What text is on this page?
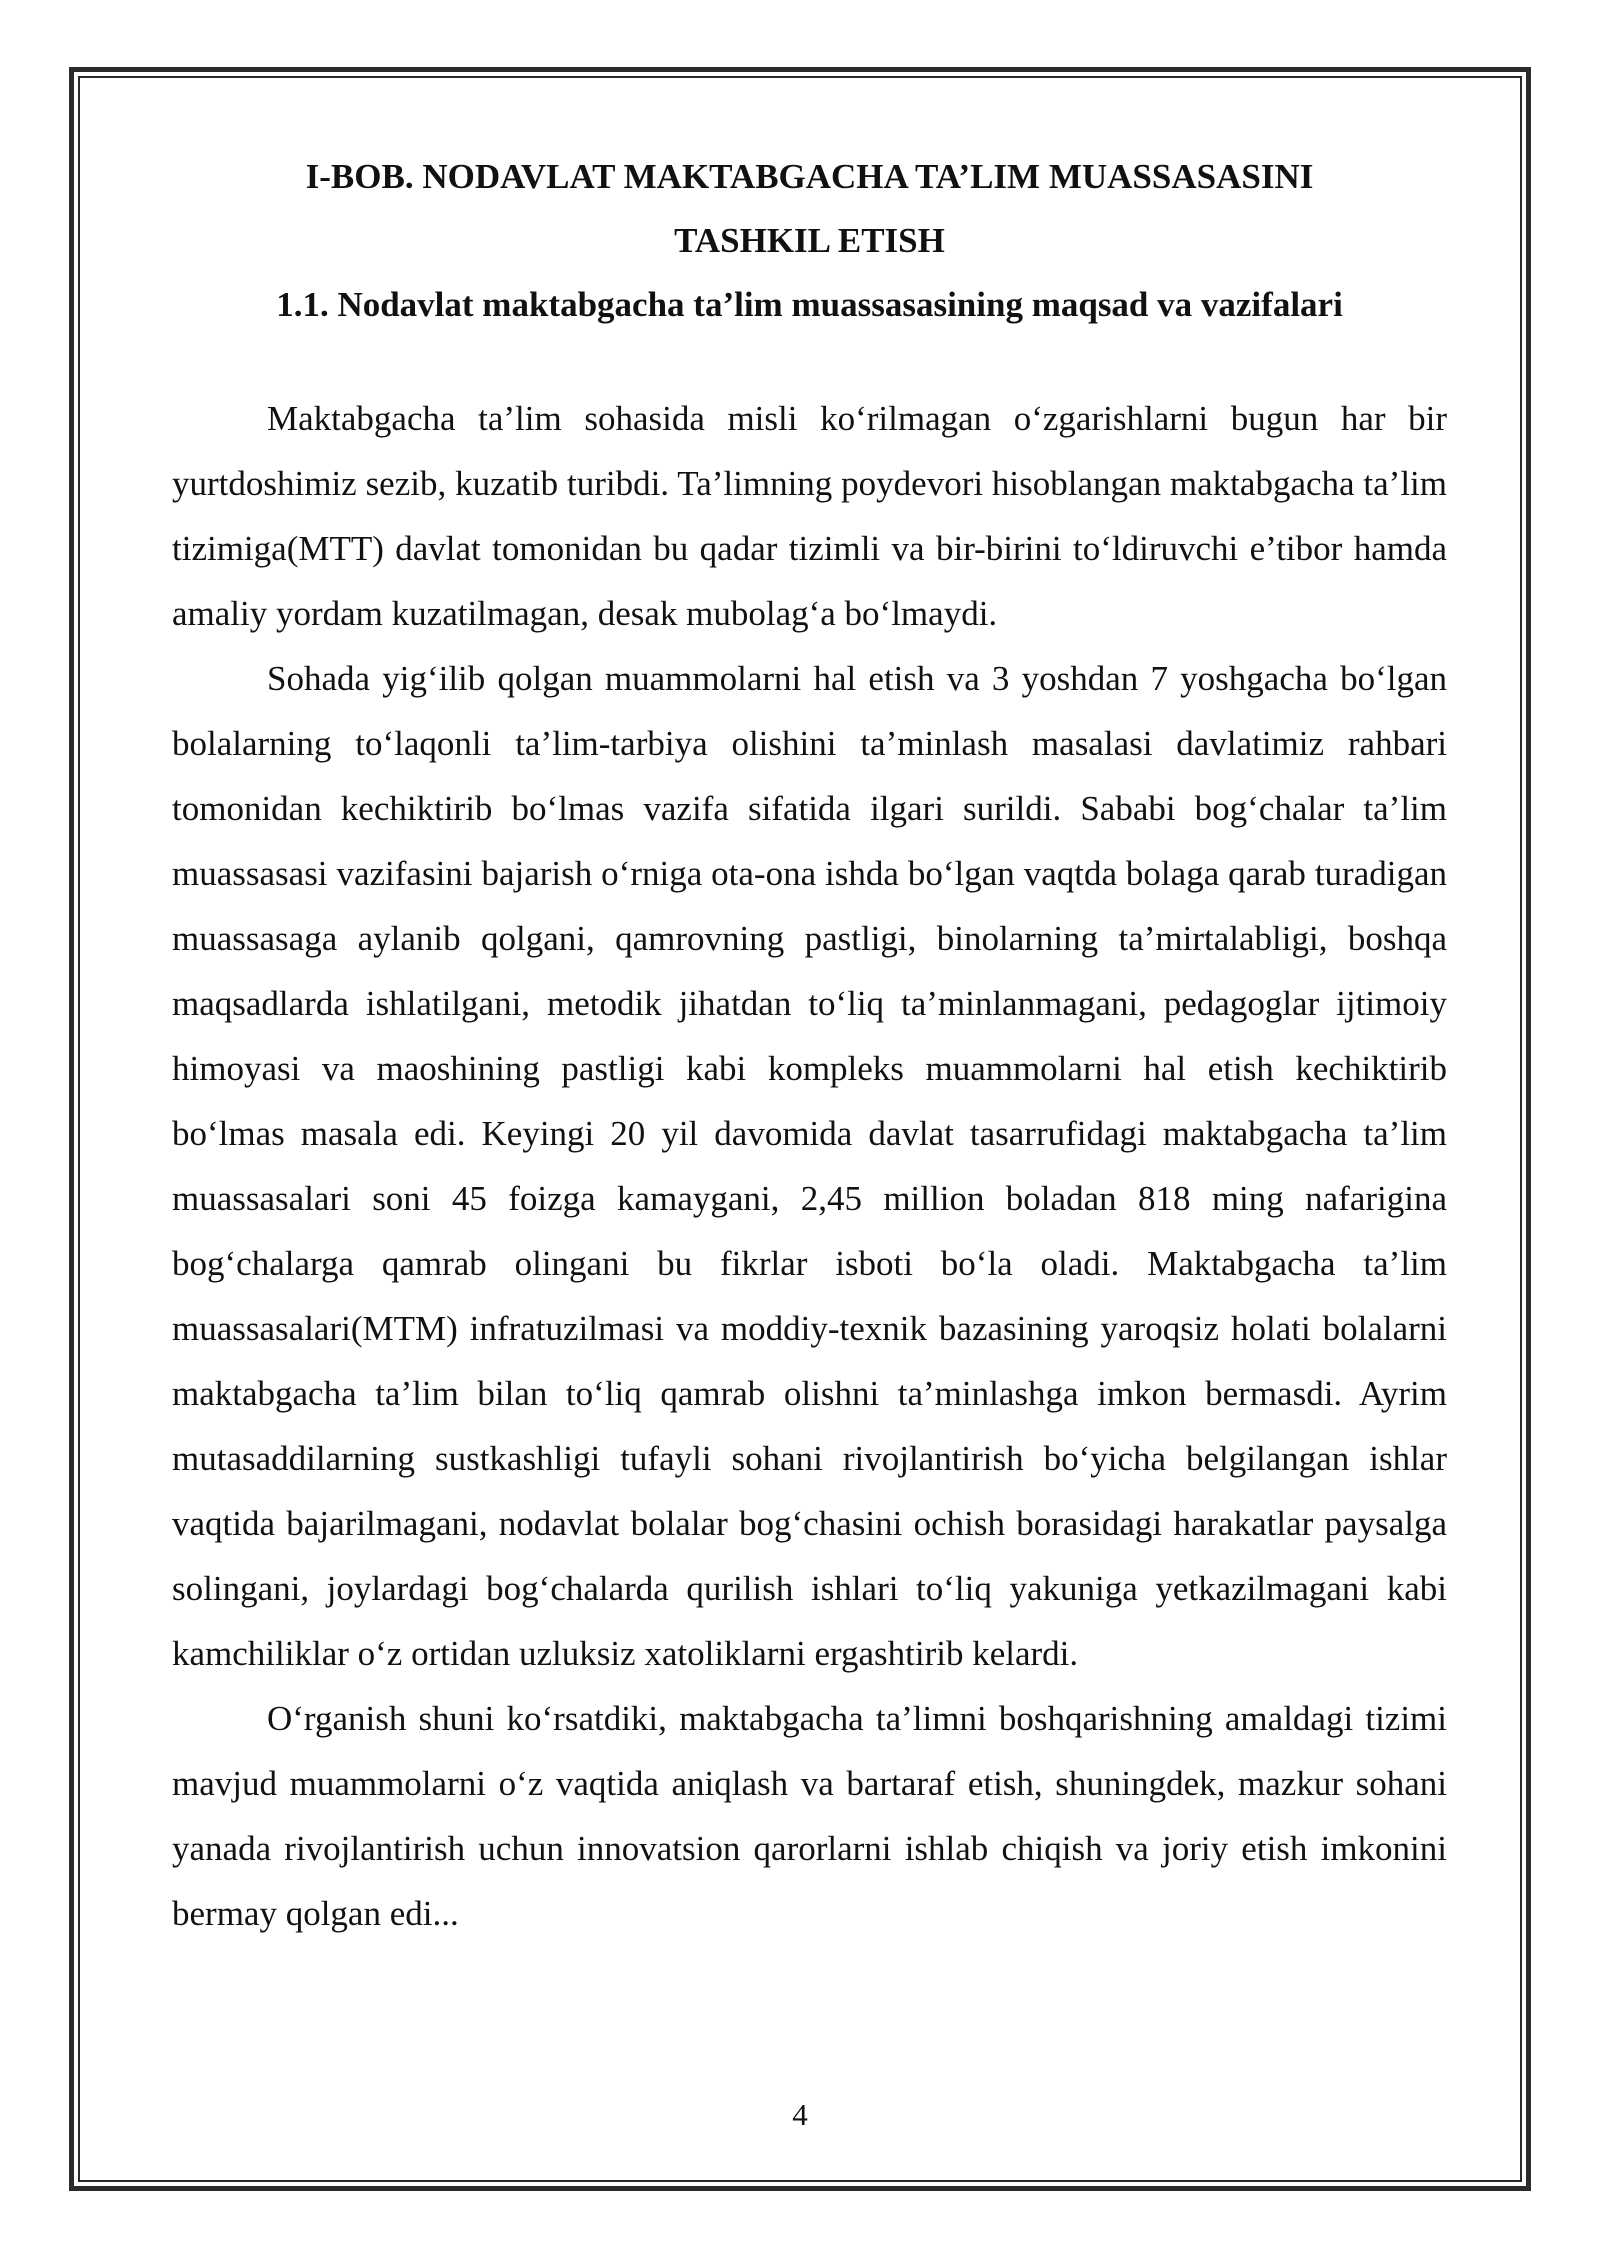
I-BOB. NODAVLAT MAKTABGACHA TA’LIM MUASSASASINI

TASHKIL ETISH

1.1. Nodavlat maktabgacha ta’lim muassasasining maqsad va vazifalari

Maktabgacha ta’lim sohasida misli ko‘rilmagan o‘zgarishlarni bugun har bir yurtdoshimiz sezib, kuzatib turibdi. Ta’limning poydevori hisoblangan maktabgacha ta’lim tizimiga(MTT) davlat tomonidan bu qadar tizimli va bir-birini to‘ldiruvchi e’tibor hamda amaliy yordam kuzatilmagan, desak mubolag‘a bo‘lmaydi.

Sohada yig‘ilib qolgan muammolarni hal etish va 3 yoshdan 7 yoshgacha bo‘lgan bolalarning to‘laqonli ta’lim-tarbiya olishini ta’minlash masalasi davlatimiz rahbari tomonidan kechiktirib bo‘lmas vazifa sifatida ilgari surildi. Sababi bog‘chalar ta’lim muassasasi vazifasini bajarish o‘rniga ota-ona ishda bo‘lgan vaqtda bolaga qarab turadigan muassasaga aylanib qolgani, qamrovning pastligi, binolarning ta’mirtalabligi, boshqa maqsadlarda ishlatilgani, metodik jihatdan to‘liq ta’minlanmagani, pedagoglar ijtimoiy himoyasi va maoshining pastligi kabi kompleks muammolarni hal etish kechiktirib bo‘lmas masala edi. Keyingi 20 yil davomida davlat tasarrufidagi maktabgacha ta’lim muassasalari soni 45 foizga kamaygani, 2,45 million boladan 818 ming nafarigina bog‘chalarga qamrab olingani bu fikrlar isboti bo‘la oladi. Maktabgacha ta’lim muassasalari(MTM) infratuzilmasi va moddiy-texnik bazasining yaroqsiz holati bolalarni maktabgacha ta’lim bilan to‘liq qamrab olishni ta’minlashga imkon bermasdi. Ayrim mutasaddilarning sustkashligi tufayli sohani rivojlantirish bo‘yicha belgilangan ishlar vaqtida bajarilmagani, nodavlat bolalar bog‘chasini ochish borasidagi harakatlar paysalga solingani, joylardagi bog‘chalarda qurilish ishlari to‘liq yakuniga yetkazilmagani kabi kamchiliklar o‘z ortidan uzluksiz xatoliklarni ergashtirib kelardi.

O‘rganish shuni ko‘rsatdiki, maktabgacha ta’limni boshqarishning amaldagi tizimi mavjud muammolarni o‘z vaqtida aniqlash va bartaraf etish, shuningdek, mazkur sohani yanada rivojlantirish uchun innovatsion qarorlarni ishlab chiqish va joriy etish imkonini bermay qolgan edi...

4
